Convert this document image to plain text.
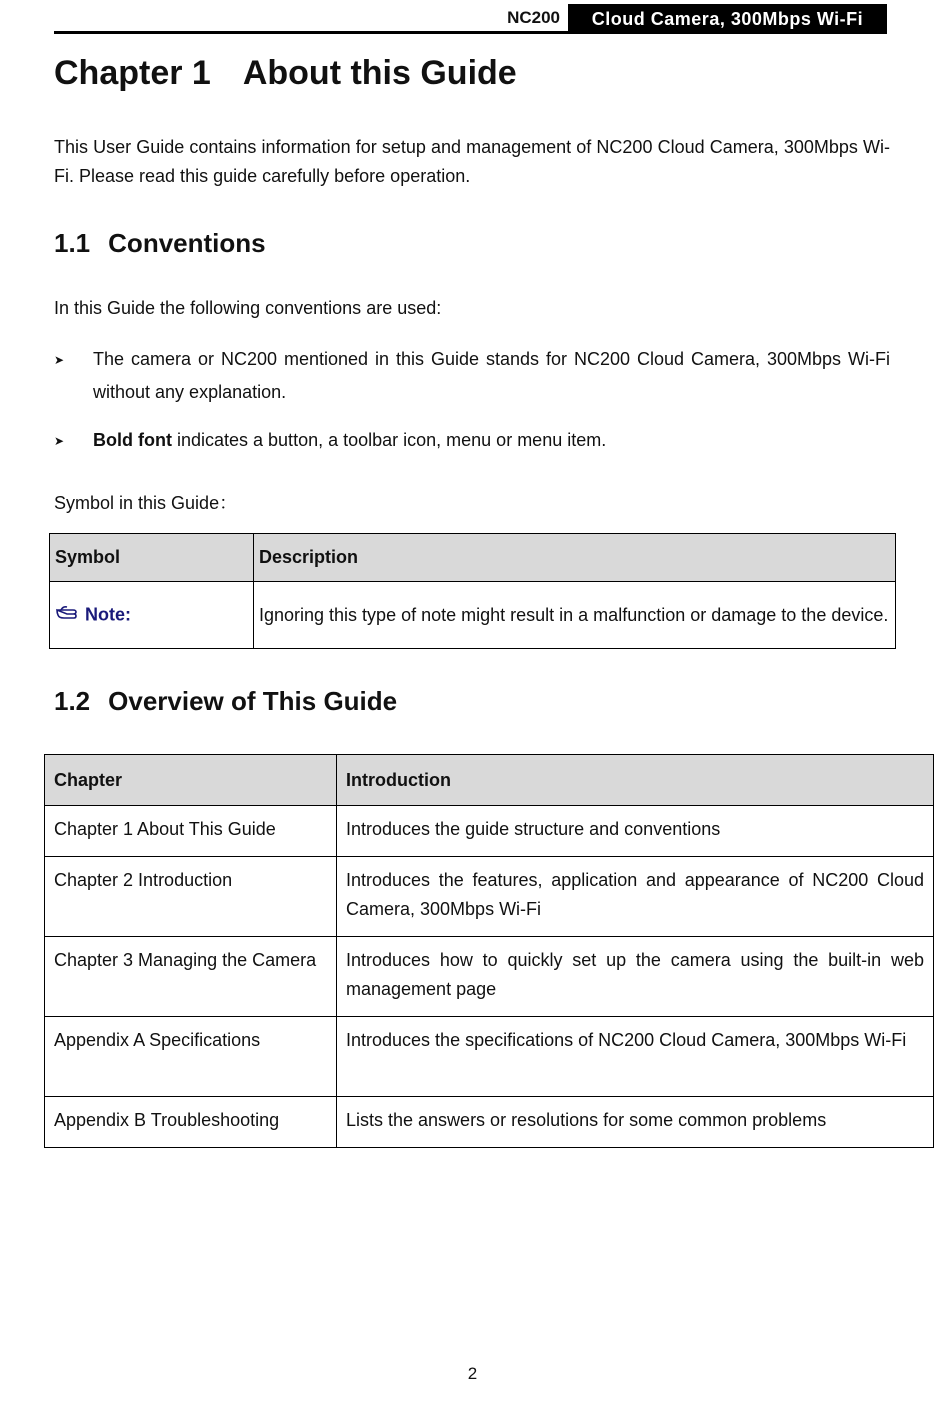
NC200	Cloud Camera, 300Mbps Wi-Fi
Chapter 1 About this Guide
This User Guide contains information for setup and management of NC200 Cloud Camera, 300Mbps Wi-Fi. Please read this guide carefully before operation.
1.1 Conventions
In this Guide the following conventions are used:
➤	The camera or NC200 mentioned in this Guide stands for NC200 Cloud Camera, 300Mbps Wi-Fi without any explanation.
➤	Bold font indicates a button, a toolbar icon, menu or menu item.
Symbol in this Guide：
Symbol	Description
Note:	Ignoring this type of note might result in a malfunction or damage to the device.
1.2 Overview of This Guide
Chapter	Introduction
Chapter 1 About This Guide	Introduces the guide structure and conventions
Chapter 2 Introduction	Introduces the features, application and appearance of NC200 Cloud Camera, 300Mbps Wi-Fi
Chapter 3 Managing the Camera	Introduces how to quickly set up the camera using the built-in web management page
Appendix A Specifications	Introduces the specifications of NC200 Cloud Camera, 300Mbps Wi-Fi
Appendix B Troubleshooting	Lists the answers or resolutions for some common problems
2
